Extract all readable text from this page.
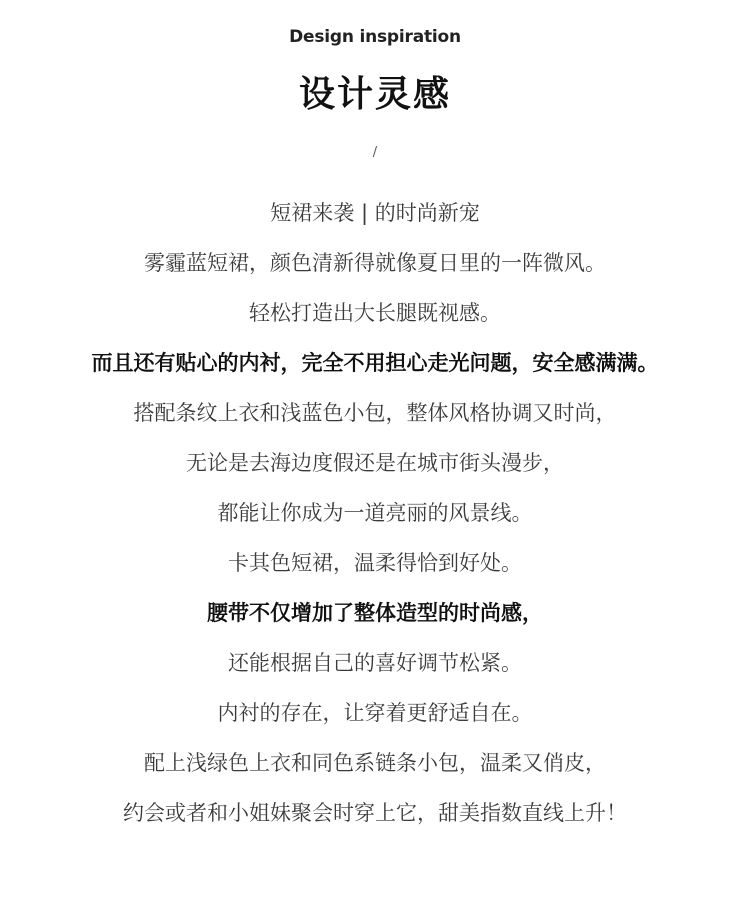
Design inspiration
设计灵感
/
短裙来袭 | 的时尚新宠
雾霾蓝短裙，颜色清新得就像夏日里的一阵微风。
轻松打造出大长腿既视感。
而且还有贴心的内衬，完全不用担心走光问题，安全感满满。
搭配条纹上衣和浅蓝色小包，整体风格协调又时尚，
无论是去海边度假还是在城市街头漫步，
都能让你成为一道亮丽的风景线。
卡其色短裙，温柔得恰到好处。
腰带不仅增加了整体造型的时尚感，
还能根据自己的喜好调节松紧。
内衬的存在，让穿着更舒适自在。
配上浅绿色上衣和同色系链条小包，温柔又俏皮，
约会或者和小姐妹聚会时穿上它，甜美指数直线上升！
